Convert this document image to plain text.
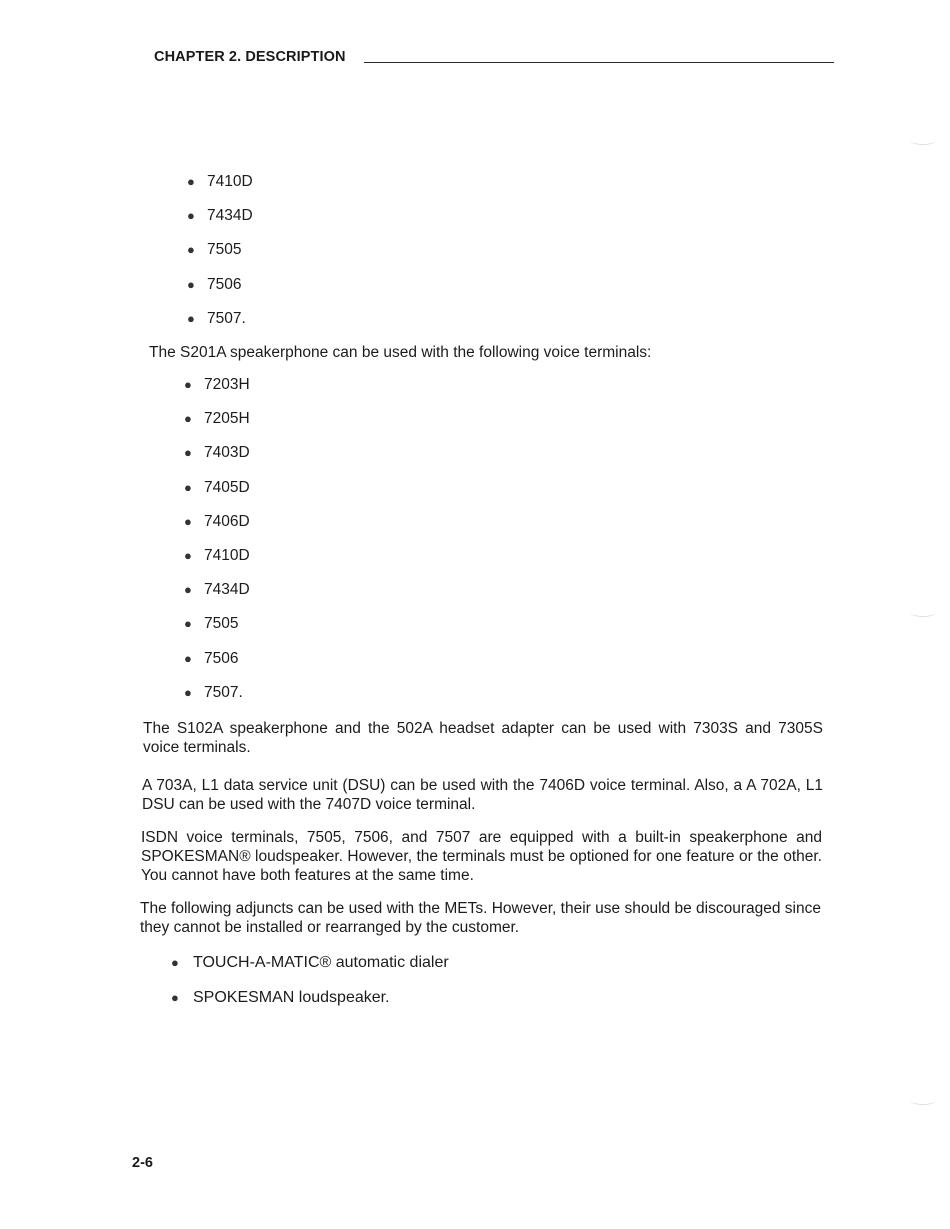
CHAPTER 2. DESCRIPTION
● 7410D
● 7434D
● 7505
● 7506
● 7507.

The S201A speakerphone can be used with the following voice terminals:

● 7203H
● 7205H
● 7403D
● 7405D
● 7406D
● 7410D
● 7434D
● 7505
● 7506
● 7507.

The S102A speakerphone and the 502A headset adapter can be used with 7303S and 7305S voice terminals.

A 703A, L1 data service unit (DSU) can be used with the 7406D voice terminal. Also, a A 702A, L1 DSU can be used with the 7407D voice terminal.

ISDN voice terminals, 7505, 7506, and 7507 are equipped with a built-in speakerphone and SPOKESMAN® loudspeaker. However, the terminals must be optioned for one feature or the other. You cannot have both features at the same time.

The following adjuncts can be used with the METs. However, their use should be discouraged since they cannot be installed or rearranged by the customer.

● TOUCH-A-MATIC® automatic dialer
● SPOKESMAN loudspeaker.
2-6
